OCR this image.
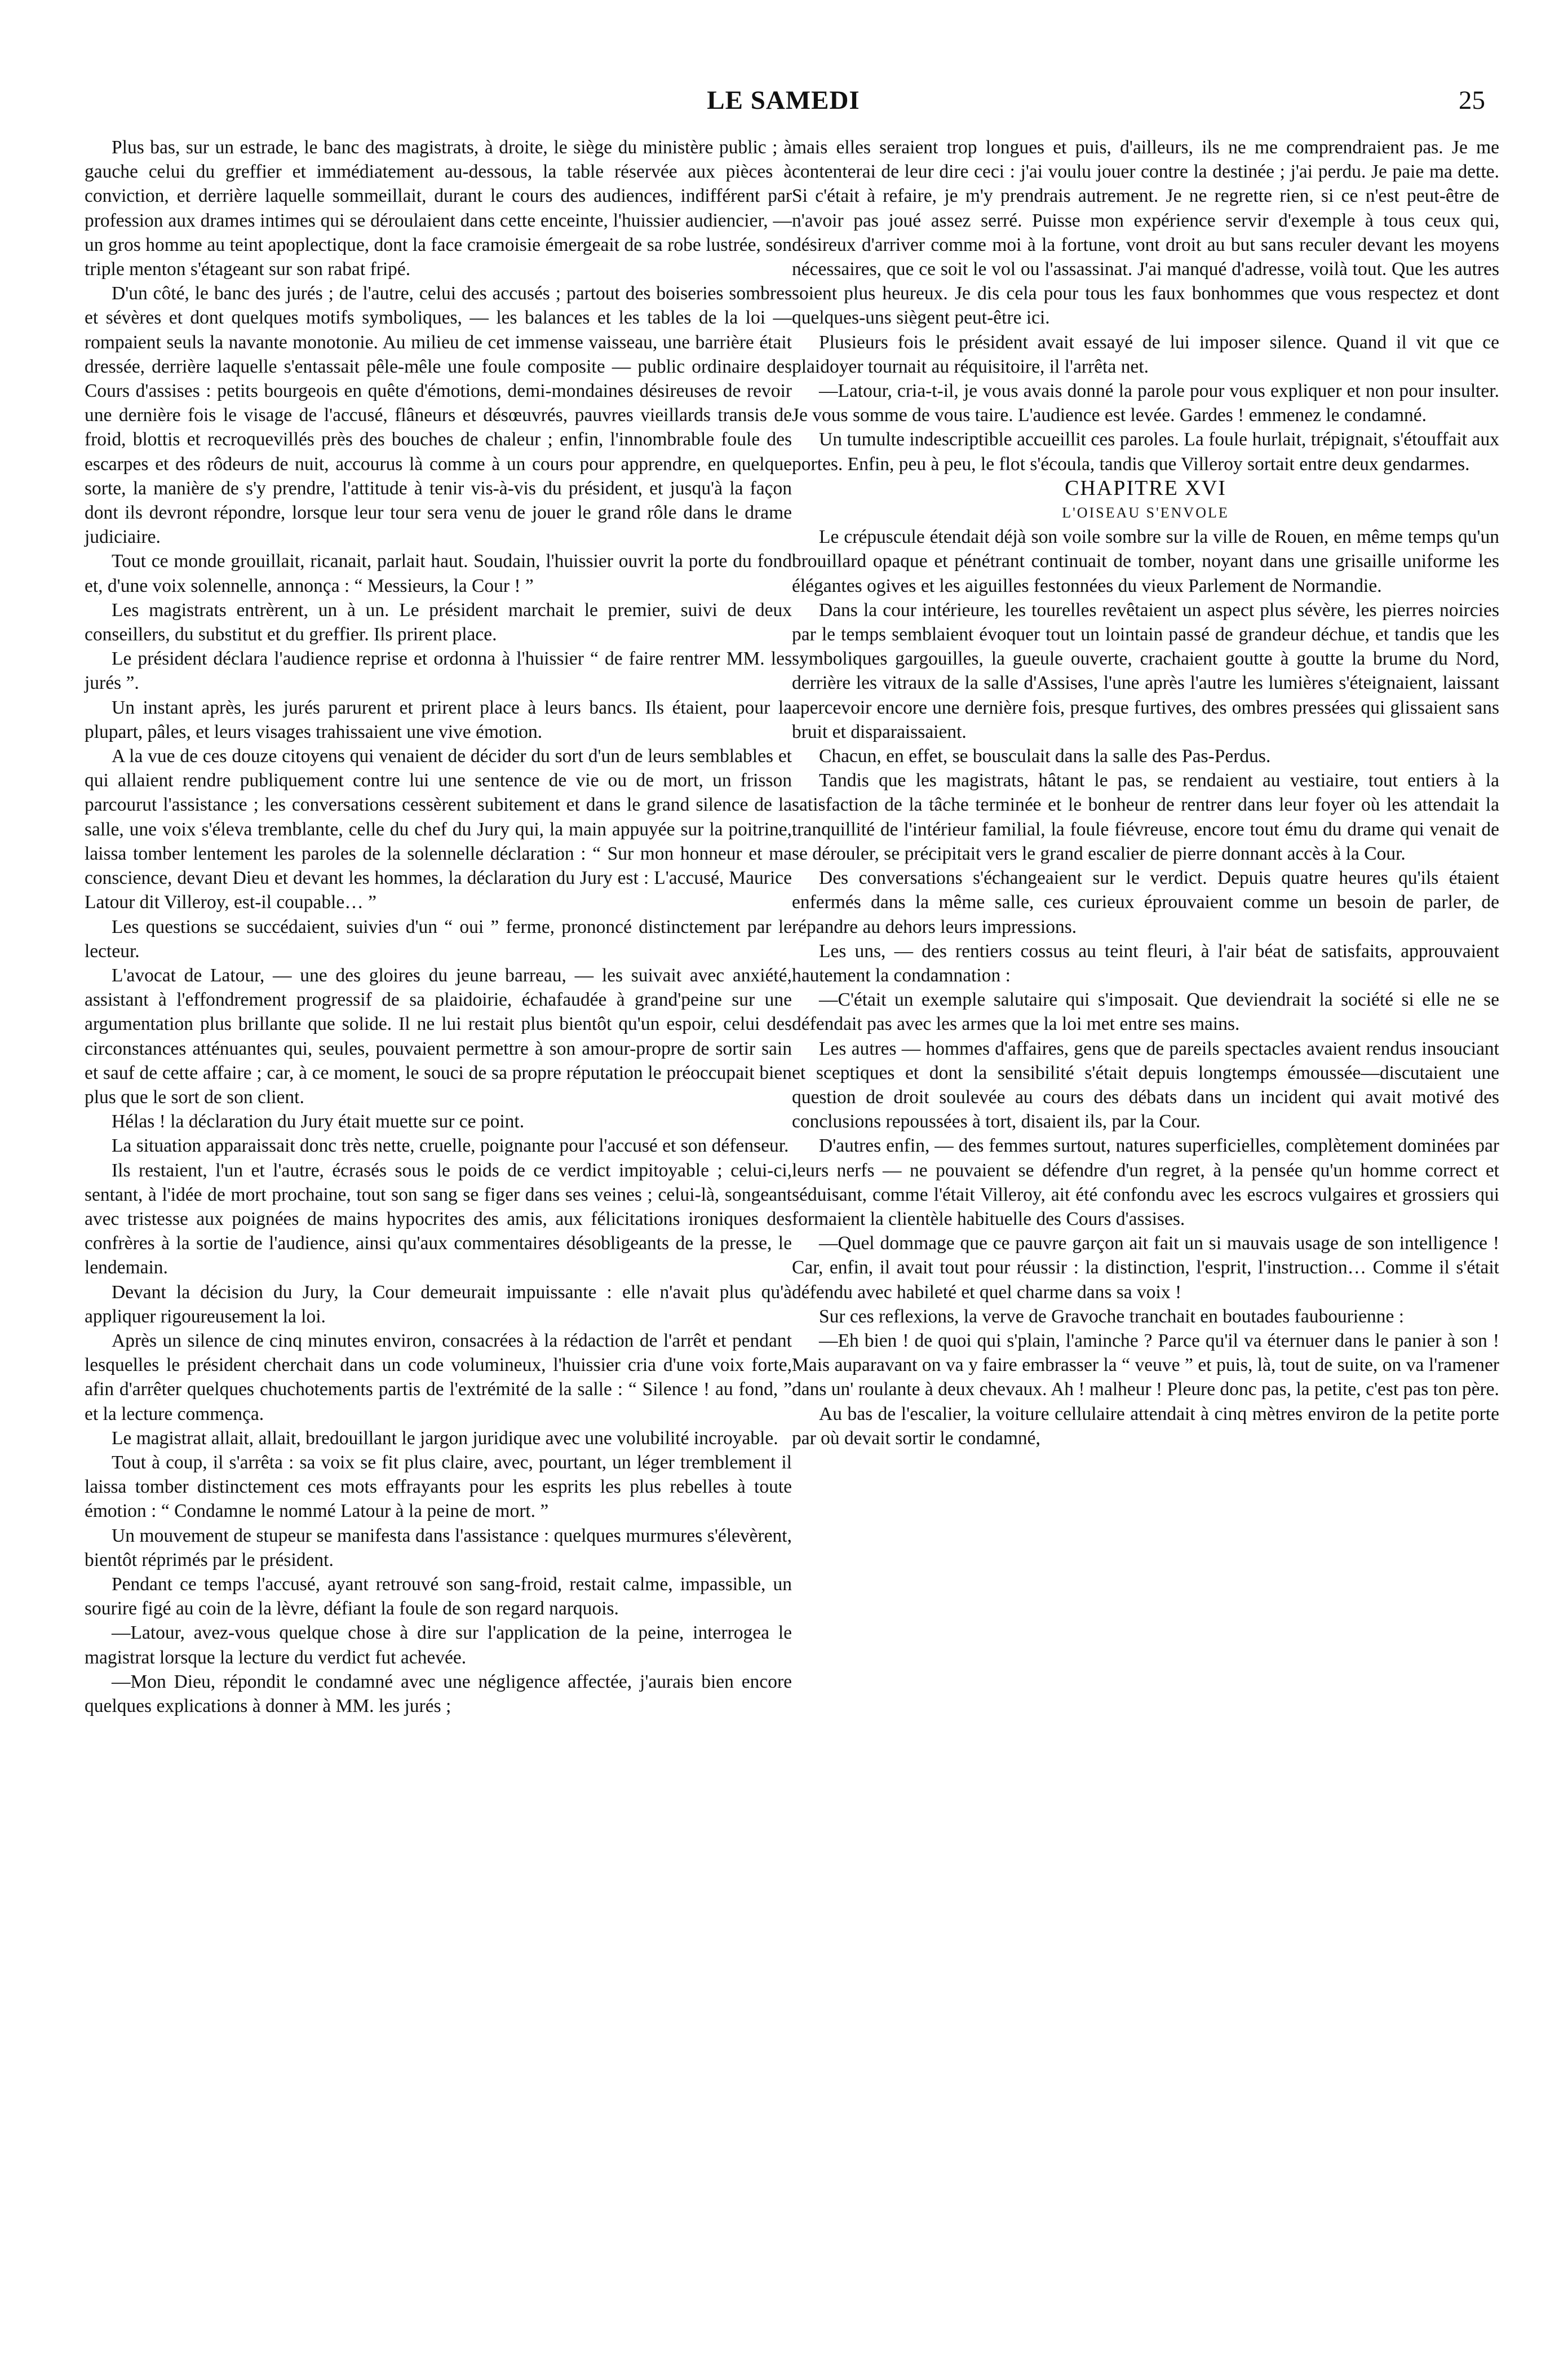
LE SAMEDI	25

Plus bas, sur un estrade, le banc des magistrats, à droite, le siège du ministère public ; à gauche celui du greffier et immédiatement au-dessous, la table réservée aux pièces à conviction, et derrière laquelle sommeillait, durant le cours des audiences, indifférent par profession aux drames intimes qui se déroulaient dans cette enceinte, l'huissier audiencier, — un gros homme au teint apoplectique, dont la face cramoisie émergeait de sa robe lustrée, son triple menton s'étageant sur son rabat fripé.

D'un côté, le banc des jurés ; de l'autre, celui des accusés ; partout des boiseries sombres et sévères et dont quelques motifs symboliques, — les balances et les tables de la loi — rompaient seuls la navante monotonie. Au milieu de cet immense vaisseau, une barrière était dressée, derrière laquelle s'entassait pêle-mêle une foule composite — public ordinaire des Cours d'assises : petits bourgeois en quête d'émotions, demi-mondaines désireuses de revoir une dernière fois le visage de l'accusé, flâneurs et désœuvrés, pauvres vieillards transis de froid, blottis et recroquevillés près des bouches de chaleur ; enfin, l'innombrable foule des escarpes et des rôdeurs de nuit, accourus là comme à un cours pour apprendre, en quelque sorte, la manière de s'y prendre, l'attitude à tenir vis-à-vis du président, et jusqu'à la façon dont ils devront répondre, lorsque leur tour sera venu de jouer le grand rôle dans le drame judiciaire.

Tout ce monde grouillait, ricanait, parlait haut. Soudain, l'huissier ouvrit la porte du fond et, d'une voix solennelle, annonça : “ Messieurs, la Cour ! ”

Les magistrats entrèrent, un à un. Le président marchait le premier, suivi de deux conseillers, du substitut et du greffier. Ils prirent place.

Le président déclara l'audience reprise et ordonna à l'huissier “ de faire rentrer MM. les jurés ”.

Un instant après, les jurés parurent et prirent place à leurs bancs. Ils étaient, pour la plupart, pâles, et leurs visages trahissaient une vive émotion.

A la vue de ces douze citoyens qui venaient de décider du sort d'un de leurs semblables et qui allaient rendre publiquement contre lui une sentence de vie ou de mort, un frisson parcourut l'assistance ; les conversations cessèrent subitement et dans le grand silence de la salle, une voix s'éleva tremblante, celle du chef du Jury qui, la main appuyée sur la poitrine, laissa tomber lentement les paroles de la solennelle déclaration : “ Sur mon honneur et ma conscience, devant Dieu et devant les hommes, la déclaration du Jury est : L'accusé, Maurice Latour dit Villeroy, est-il coupable… ”

Les questions se succédaient, suivies d'un “ oui ” ferme, prononcé distinctement par le lecteur.

L'avocat de Latour, — une des gloires du jeune barreau, — les suivait avec anxiété, assistant à l'effondrement progressif de sa plaidoirie, échafaudée à grand'peine sur une argumentation plus brillante que solide. Il ne lui restait plus bientôt qu'un espoir, celui des circonstances atténuantes qui, seules, pouvaient permettre à son amour-propre de sortir sain et sauf de cette affaire ; car, à ce moment, le souci de sa propre réputation le préoccupait bien plus que le sort de son client.

Hélas ! la déclaration du Jury était muette sur ce point.

La situation apparaissait donc très nette, cruelle, poignante pour l'accusé et son défenseur.

Ils restaient, l'un et l'autre, écrasés sous le poids de ce verdict impitoyable ; celui-ci, sentant, à l'idée de mort prochaine, tout son sang se figer dans ses veines ; celui-là, songeant avec tristesse aux poignées de mains hypocrites des amis, aux félicitations ironiques des confrères à la sortie de l'audience, ainsi qu'aux commentaires désobligeants de la presse, le lendemain.

Devant la décision du Jury, la Cour demeurait impuissante : elle n'avait plus qu'à appliquer rigoureusement la loi.

Après un silence de cinq minutes environ, consacrées à la rédaction de l'arrêt et pendant lesquelles le président cherchait dans un code volumineux, l'huissier cria d'une voix forte, afin d'arrêter quelques chuchotements partis de l'extrémité de la salle : “ Silence ! au fond, ” et la lecture commença.

Le magistrat allait, allait, bredouillant le jargon juridique avec une volubilité incroyable.

Tout à coup, il s'arrêta : sa voix se fit plus claire, avec, pourtant, un léger tremblement il laissa tomber distinctement ces mots effrayants pour les esprits les plus rebelles à toute émotion : “ Condamne le nommé Latour à la peine de mort. ”

Un mouvement de stupeur se manifesta dans l'assistance : quelques murmures s'élevèrent, bientôt réprimés par le président.

Pendant ce temps l'accusé, ayant retrouvé son sang-froid, restait calme, impassible, un sourire figé au coin de la lèvre, défiant la foule de son regard narquois.

—Latour, avez-vous quelque chose à dire sur l'application de la peine, interrogea le magistrat lorsque la lecture du verdict fut achevée.

—Mon Dieu, répondit le condamné avec une négligence affectée, j'aurais bien encore quelques explications à donner à MM. les jurés ;

mais elles seraient trop longues et puis, d'ailleurs, ils ne me comprendraient pas. Je me contenterai de leur dire ceci : j'ai voulu jouer contre la destinée ; j'ai perdu. Je paie ma dette. Si c'était à refaire, je m'y prendrais autrement. Je ne regrette rien, si ce n'est peut-être de n'avoir pas joué assez serré. Puisse mon expérience servir d'exemple à tous ceux qui, désireux d'arriver comme moi à la fortune, vont droit au but sans reculer devant les moyens nécessaires, que ce soit le vol ou l'assassinat. J'ai manqué d'adresse, voilà tout. Que les autres soient plus heureux. Je dis cela pour tous les faux bonhommes que vous respectez et dont quelques-uns siègent peut-être ici.

Plusieurs fois le président avait essayé de lui imposer silence. Quand il vit que ce plaidoyer tournait au réquisitoire, il l'arrêta net.

—Latour, cria-t-il, je vous avais donné la parole pour vous expliquer et non pour insulter. Je vous somme de vous taire. L'audience est levée. Gardes ! emmenez le condamné.

Un tumulte indescriptible accueillit ces paroles. La foule hurlait, trépignait, s'étouffait aux portes. Enfin, peu à peu, le flot s'écoula, tandis que Villeroy sortait entre deux gendarmes.

CHAPITRE XVI

L'OISEAU S'ENVOLE

Le crépuscule étendait déjà son voile sombre sur la ville de Rouen, en même temps qu'un brouillard opaque et pénétrant continuait de tomber, noyant dans une grisaille uniforme les élégantes ogives et les aiguilles festonnées du vieux Parlement de Normandie.

Dans la cour intérieure, les tourelles revêtaient un aspect plus sévère, les pierres noircies par le temps semblaient évoquer tout un lointain passé de grandeur déchue, et tandis que les symboliques gargouilles, la gueule ouverte, crachaient goutte à goutte la brume du Nord, derrière les vitraux de la salle d'Assises, l'une après l'autre les lumières s'éteignaient, laissant apercevoir encore une dernière fois, presque furtives, des ombres pressées qui glissaient sans bruit et disparaissaient.

Chacun, en effet, se bousculait dans la salle des Pas-Perdus.

Tandis que les magistrats, hâtant le pas, se rendaient au vestiaire, tout entiers à la satisfaction de la tâche terminée et le bonheur de rentrer dans leur foyer où les attendait la tranquillité de l'intérieur familial, la foule fiévreuse, encore tout ému du drame qui venait de se dérouler, se précipitait vers le grand escalier de pierre donnant accès à la Cour.

Des conversations s'échangeaient sur le verdict. Depuis quatre heures qu'ils étaient enfermés dans la même salle, ces curieux éprouvaient comme un besoin de parler, de répandre au dehors leurs impressions.

Les uns, — des rentiers cossus au teint fleuri, à l'air béat de satisfaits, approuvaient hautement la condamnation :

—C'était un exemple salutaire qui s'imposait. Que deviendrait la société si elle ne se défendait pas avec les armes que la loi met entre ses mains.

Les autres — hommes d'affaires, gens que de pareils spectacles avaient rendus insouciant et sceptiques et dont la sensibilité s'était depuis longtemps émoussée—discutaient une question de droit soulevée au cours des débats dans un incident qui avait motivé des conclusions repoussées à tort, disaient ils, par la Cour.

D'autres enfin, — des femmes surtout, natures superficielles, complètement dominées par leurs nerfs — ne pouvaient se défendre d'un regret, à la pensée qu'un homme correct et séduisant, comme l'était Villeroy, ait été confondu avec les escrocs vulgaires et grossiers qui formaient la clientèle habituelle des Cours d'assises.

—Quel dommage que ce pauvre garçon ait fait un si mauvais usage de son intelligence ! Car, enfin, il avait tout pour réussir : la distinction, l'esprit, l'instruction… Comme il s'était défendu avec habileté et quel charme dans sa voix !

Sur ces reflexions, la verve de Gravoche tranchait en boutades faubourienne :

—Eh bien ! de quoi qui s'plain, l'aminche ? Parce qu'il va éternuer dans le panier à son ! Mais auparavant on va y faire embrasser la “ veuve ” et puis, là, tout de suite, on va l'ramener dans un' roulante à deux chevaux. Ah ! malheur ! Pleure donc pas, la petite, c'est pas ton père.

Au bas de l'escalier, la voiture cellulaire attendait à cinq mètres environ de la petite porte par où devait sortir le condamné,
